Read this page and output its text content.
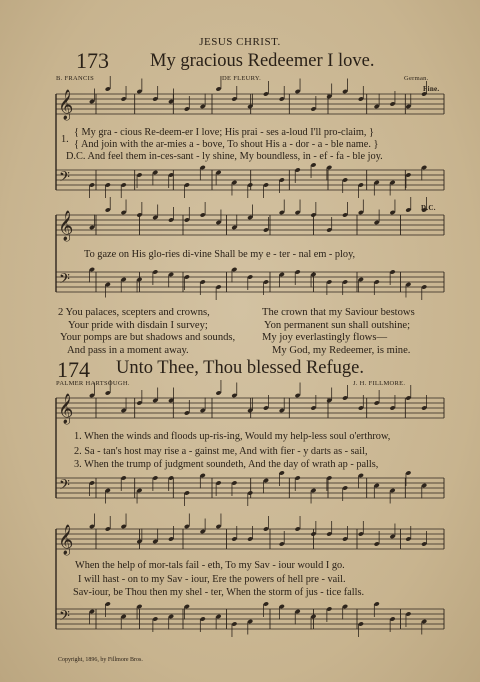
𝄞
𝄢
𝄞
𝄢
𝄞
𝄢
𝄞
𝄢
JESUS CHRIST.
173 My gracious Redeemer I love.
B. FRANCIS	DE FLEURY.	German.
Fine.
D.C.
1.
{ My gra - cious Re-deem-er I love; His prai - ses a-loud I'll pro-claim, }
{ And join with the ar-mies a - bove, To shout His a - dor - a - ble name. }
D.C. And feel them in-ces-sant - ly shine, My boundless, in - ef - fa - ble joy.
To gaze on His glo-ries di-vine Shall be my e - ter - nal em - ploy,
2 You palaces, scepters and crowns,
Your pride with disdain I survey;
Your pomps are but shadows and sounds,
And pass in a moment away.
The crown that my Saviour bestows
Yon permanent sun shall outshine;
My joy everlastingly flows—
My God, my Redeemer, is mine.
174 Unto Thee, Thou blessed Refuge.
PALMER HARTSOUGH.	J. H. FILLMORE.
1. When the winds and floods up-ris-ing, Would my help-less soul o'erthrow,
2. Sa - tan's host may rise a - gainst me, And with fier - y darts as - sail,
3. When the trump of judgment soundeth, And the day of wrath ap - palls,
When the help of mor-tals fail - eth, To my Sav - iour would I go.
I will hast - on to my Sav - iour, Ere the powers of hell pre - vail.
Sav-iour, be Thou then my shel - ter, When the storm of jus - tice falls.
Copyright, 1896, by Fillmore Bros.
